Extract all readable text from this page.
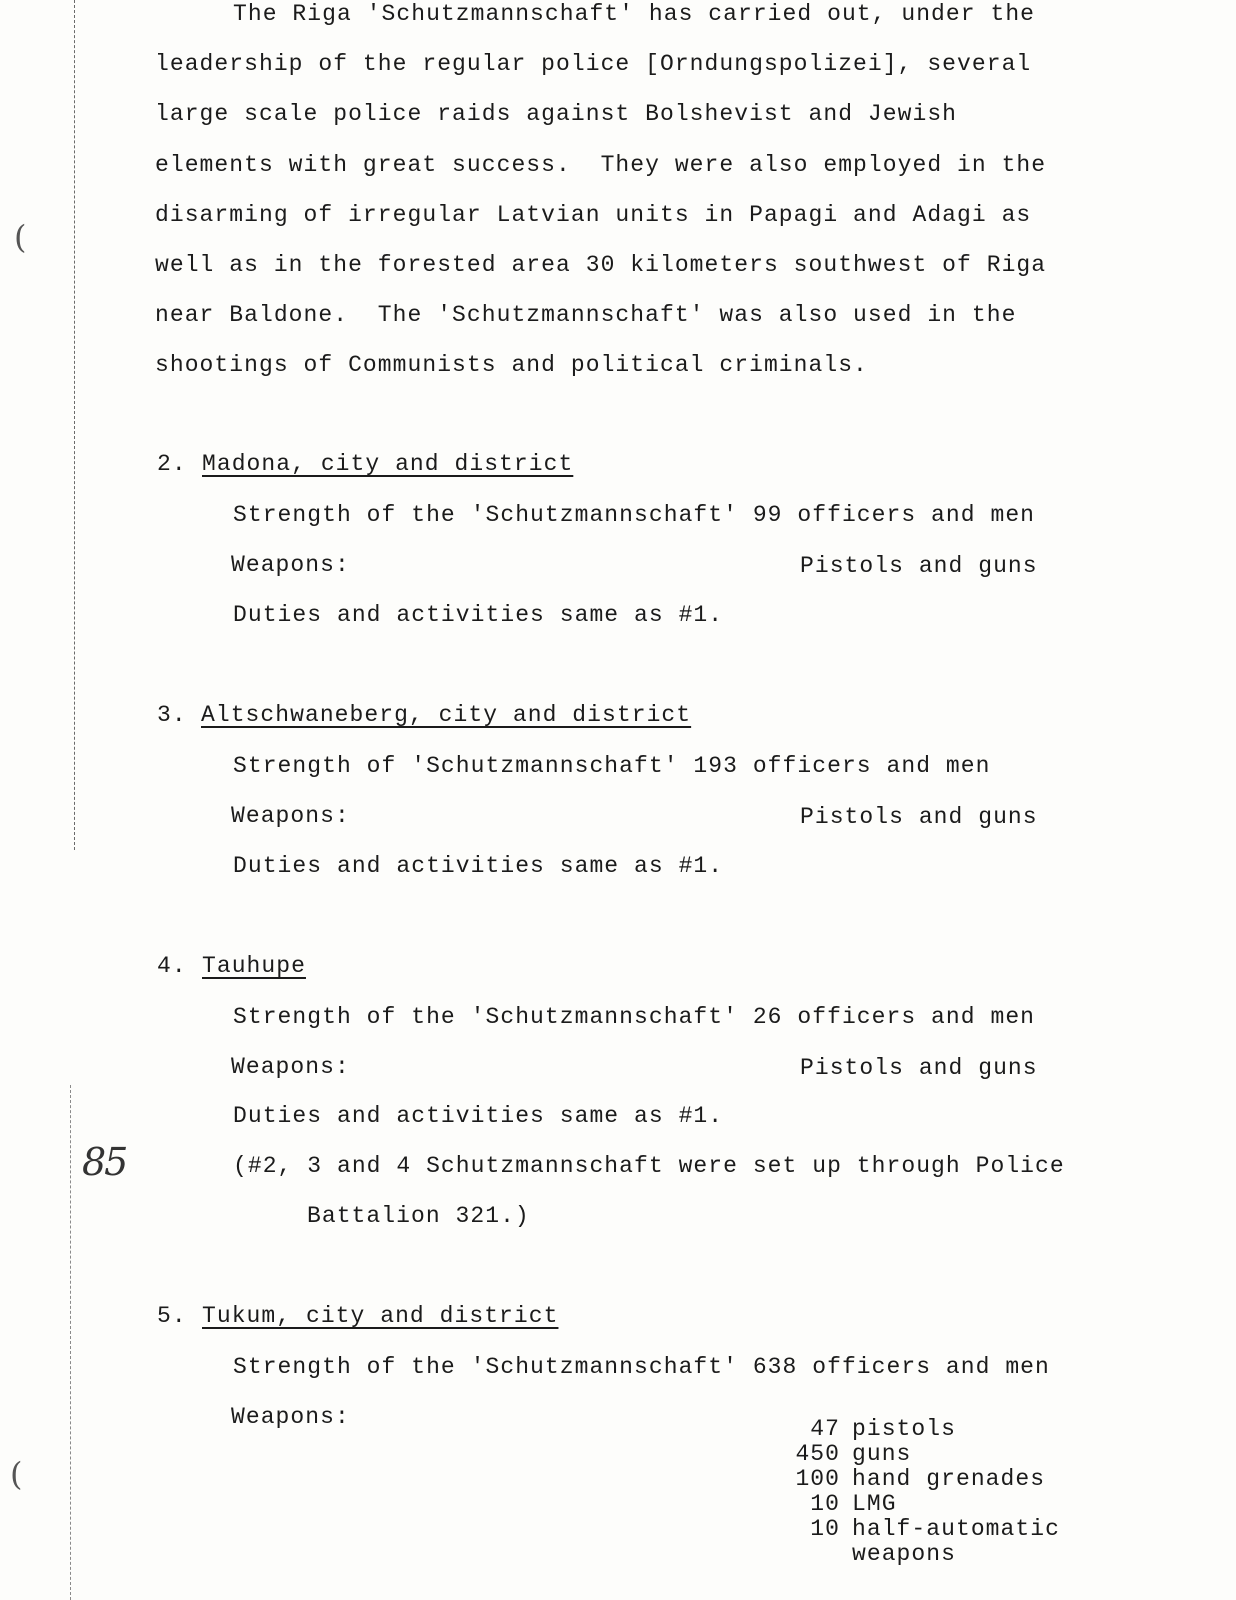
(
(
The Riga 'Schutzmannschaft' has carried out, under the
leadership of the regular police [Orndungspolizei], several
large scale police raids against Bolshevist and Jewish
elements with great success.  They were also employed in the
disarming of irregular Latvian units in Papagi and Adagi as
well as in the forested area 30 kilometers southwest of Riga
near Baldone.  The 'Schutzmannschaft' was also used in the
shootings of Communists and political criminals.
2. Madona, city and district
Strength of the 'Schutzmannschaft' 99 officers and men
Weapons:	Pistols and guns
Duties and activities same as #1.
3. Altschwaneberg, city and district
Strength of 'Schutzmannschaft' 193 officers and men
Weapons:	Pistols and guns
Duties and activities same as #1.
4. Tauhupe
Strength of the 'Schutzmannschaft' 26 officers and men
Weapons:	Pistols and guns
Duties and activities same as #1.
(#2, 3 and 4 Schutzmannschaft were set up through Police
Battalion 321.)
85
5. Tukum, city and district
Strength of the 'Schutzmannschaft' 638 officers and men
Weapons:	47 pistols
450 guns
100 hand grenades
10 LMG
10 half-automatic
weapons
